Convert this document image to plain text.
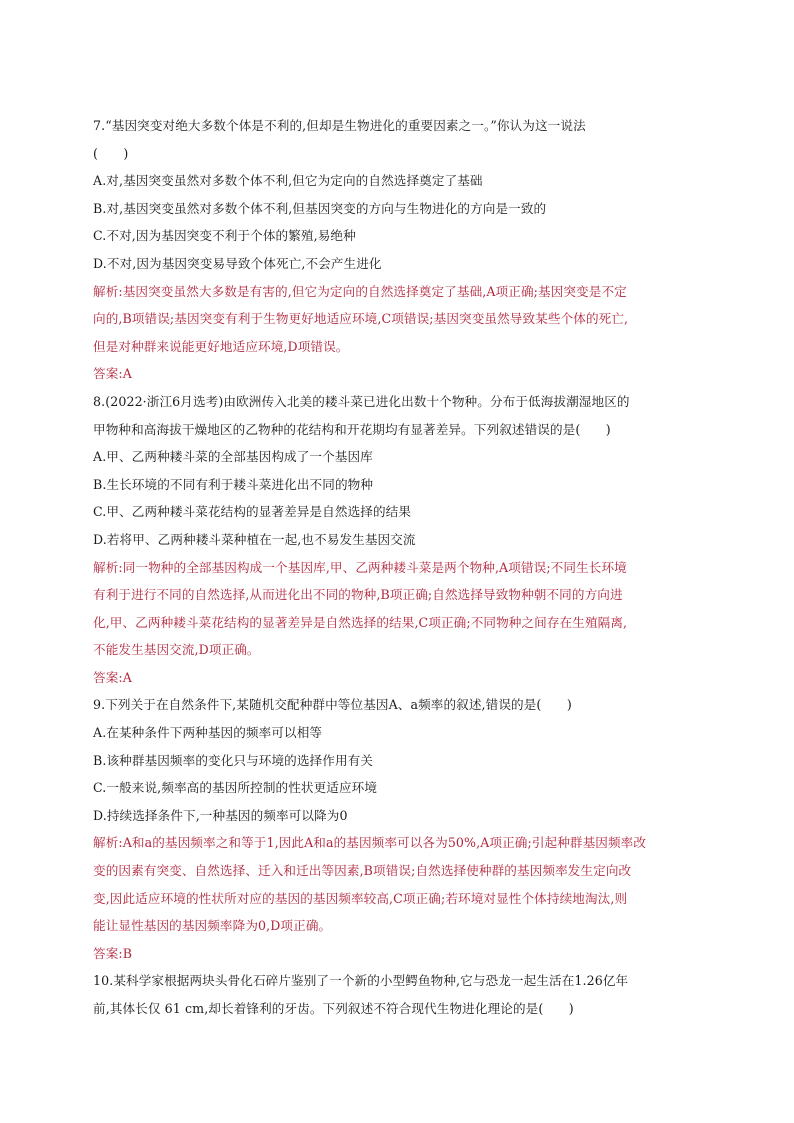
7.“基因突变对绝大多数个体是不利的,但却是生物进化的重要因素之一。”你认为这一说法
(　　)
A.对,基因突变虽然对多数个体不利,但它为定向的自然选择奠定了基础
B.对,基因突变虽然对多数个体不利,但基因突变的方向与生物进化的方向是一致的
C.不对,因为基因突变不利于个体的繁殖,易绝种
D.不对,因为基因突变易导致个体死亡,不会产生进化
解析:基因突变虽然大多数是有害的,但它为定向的自然选择奠定了基础,A项正确;基因突变是不定
向的,B项错误;基因突变有利于生物更好地适应环境,C项错误;基因突变虽然导致某些个体的死亡,
但是对种群来说能更好地适应环境,D项错误。
答案:A
8.(2022·浙江6月选考)由欧洲传入北美的耧斗菜已进化出数十个物种。分布于低海拔潮湿地区的
甲物种和高海拔干燥地区的乙物种的花结构和开花期均有显著差异。下列叙述错误的是(　　)
A.甲、乙两种耧斗菜的全部基因构成了一个基因库
B.生长环境的不同有利于耧斗菜进化出不同的物种
C.甲、乙两种耧斗菜花结构的显著差异是自然选择的结果
D.若将甲、乙两种耧斗菜种植在一起,也不易发生基因交流
解析:同一物种的全部基因构成一个基因库,甲、乙两种耧斗菜是两个物种,A项错误;不同生长环境
有利于进行不同的自然选择,从而进化出不同的物种,B项正确;自然选择导致物种朝不同的方向进
化,甲、乙两种耧斗菜花结构的显著差异是自然选择的结果,C项正确;不同物种之间存在生殖隔离,
不能发生基因交流,D项正确。
答案:A
9.下列关于在自然条件下,某随机交配种群中等位基因A、a频率的叙述,错误的是(　　)
A.在某种条件下两种基因的频率可以相等
B.该种群基因频率的变化只与环境的选择作用有关
C.一般来说,频率高的基因所控制的性状更适应环境
D.持续选择条件下,一种基因的频率可以降为0
解析:A和a的基因频率之和等于1,因此A和a的基因频率可以各为50%,A项正确;引起种群基因频率改
变的因素有突变、自然选择、迁入和迁出等因素,B项错误;自然选择使种群的基因频率发生定向改
变,因此适应环境的性状所对应的基因的基因频率较高,C项正确;若环境对显性个体持续地淘汰,则
能让显性基因的基因频率降为0,D项正确。
答案:B
10.某科学家根据两块头骨化石碎片鉴别了一个新的小型鳄鱼物种,它与恐龙一起生活在1.26亿年
前,其体长仅 61 cm,却长着锋利的牙齿。下列叙述不符合现代生物进化理论的是(　　)
